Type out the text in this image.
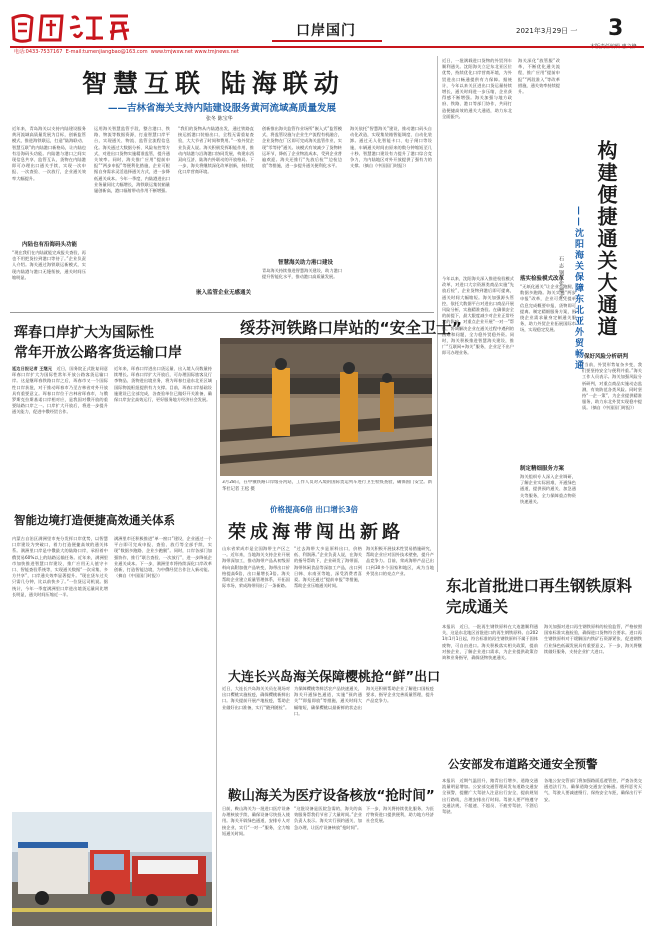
电话:0433-7537167 E-mail:tumenjiangbao@163.com www.tmjwxw.net www.tmjnews.net
口岸国门	2021年3月29日 一 3
智慧互联 陆海联动
——吉林省海关支持内陆建设服务黄河流域高质量发展
张冬 陈宝华
近年来，青岛海关以支持内陆建设服务黄河流域高质量发展为目标，创新监管模式，推进海铁联运，打造“陆海联动、智慧互联”的内陆港口新格局，让内陆也有沿海码头功能。内陆港与港口之间实现信息共享、监管互认，货物在内陆港即可办理出口通关手续，实现一次申报、一次查验、一次放行，企业通关效率大幅提升。
内陆也有沿海码头功能
“现在我们在内陆就能完成报关查验，再也不用把货拉到港口等待了。”企业负责人介绍。海关通过海铁联运新模式，实现内陆港与港口无缝衔接，通关时间压缩明显。
运用海关智慧监管手段，整合港口、铁路、物流等数据资源，打造智慧口岸平台，实现通关、物流、监管全流程信息化。海关通过大数据分析、风险布控等方式，对进出口货物实施精准监管，提升通关效率。同时，海关推广应用“提前申报”“两步申报”等便利化措施，企业可根据自身需求灵活选择通关方式，进一步降低通关成本。今年一季度，内陆港进出口业务量同比大幅增长，海铁联运集装箱量屡创新高，港口辐射带动作用不断增强。
“我们的货物从内陆港出发，通过铁路直接运抵港口装船出口，全程无需重复查验，大大节省了时间和费用。”一家外贸企业负责人说。海关积极发挥职能作用，推动内陆港与沿海港口协同发展，构建东西双向互济、陆海内外联动的开放格局。下一步，海关将继续深化改革创新，持续优化口岸营商环境。
嵌入监管企业无感通关
创新推出海关监管作业场所“嵌入式”监管模式，将监管设施与企业生产流程有机融合，企业货物在厂区即可完成海关监管作业，实现“零等待”通关。该模式有效减少了货物转运环节，降低了企业物流成本，受到企业普遍欢迎。海关还推行“先放后检”“边检边放”等措施，进一步提升通关便利化水平。
智慧海关助力港口建设
青岛海关持续推进智慧海关建设，助力港口提升智能化水平，推动港口高质量发展。
海关依托“智慧海关”建设，推动港口码头自动化改造，实现集装箱智能调度、自动化装卸。通过无人化智能卡口、电子闸口等设施，车辆通关时间由原来的数分钟缩短至几十秒。智慧港口建设有力提升了港口综合竞争力，为内陆地区对外开放提供了强有力的支撑。（摘自《中国国门时报》）
近日，一批满载进口货物的外贸列车顺利通关。沈阳海关立足东北亚区位优势，持续优化口岸营商环境，为外贸进出口畅通提供有力保障。据统计，今年以来关区进出口货运量持续增长，通关时间进一步压缩，企业获得感不断增强。海关加强与地方政府、铁路、港口等部门协作，共同打造便捷高效的通关大通道，助力东北全面振兴。
海关深化“放管服”改革，不断优化通关流程，推广应用“提前申报”“两段准入”等改革措施，通关效率持续提升。
构建便捷通关大通道
——沈阳海关保障东北亚外贸畅通
石志钢 张德平
落实检验模式改革
今年以来，沈阳海关深入推进检验模式改革，对进口大宗资源类商品实施“先放后检”，企业货物到港后即可提离，通关时间大幅缩短。海关加强源头管控，依托大数据平台对进出口商品开展风险分析，实施精准查验。在确保安全的前提下，最大限度减少对企业正常经营的影响。对重点企业开展“一对一”帮扶，协调解决企业在通关过程中遇到的困难和问题，全力稳外贸稳外资。同时，海关积极推进智慧海关建设，推广“互联网+海关”服务，企业足不出户即可办理业务。
“无纸化通关”让企业少跑腿，数据多跑路。海关实施“两步申报”改革，企业可先凭提单信息完成概要申报，货物即可提离。制定精细服务方案，围绕企业需求量身定制通关服务，助力外贸企业拓展国际市场，实现稳定发展。
制定精细服务方案
海关组织专人深入企业调研，了解企业实际困难，开通绿色通道，提供预约通关、加急通关等服务，全力保障重点物资快速通关。
保好风险分析研判
“当前，外贸形势复杂多变，我们要坚持安全与便利并重。”海关工作人员表示。海关加强风险分析研判，对重点商品实施动态监测，有效防范各类风险。同时坚持“一企一策”，为企业提供精准服务，助力东北外贸实现稳中提质。（摘自《中国国门时报》）
珲春口岸扩大为国际性
常年开放公路客货运输口岸
延边日报记者 王继元　近日，国务院正式批复同意珲春口岸扩大为国际性常年开放公路客货运输口岸。这是继珲春铁路口岸之后，珲春市又一个国际性口岸获批，对于推动珲春市乃至吉林省对外开放具有重要意义。珲春口岸位于吉林省珲春市，与俄罗斯克拉斯基诺口岸相对应，是我国对俄开放的重要陆路口岸之一。口岸扩大开放后，将进一步提升通关能力，促进中俄经贸合作。
近年来，珲春口岸进出口货运量、出入境人员数量持续增长。珲春口岸扩大开放后，可办理国际旅客及行李物品、货物进出境业务，将为珲春打造东北亚区域国际物流枢纽提供有力支撑。目前，珲春口岸基础设施建设已全部完成，各查验单位已做好开关准备，确保口岸安全高效运行，更好服务地方经济社会发展。
智能边境打造便捷高效通关体系
内蒙古自治区满洲里市充分发挥口岸优势，以智慧口岸建设为突破口，着力打造便捷高效的通关体系。满洲里口岸是中俄最大的陆路口岸，承担着中俄贸易60%以上的陆路运输任务。近年来，满洲里市加快推进智慧口岸建设，推广应用无人值守卡口、智能查验系统等，实现通关数据“一次采集、多方共享”，口岸通关效率显著提升。“现在货车过关只需几分钟，比以前快多了。”一位货运司机说。据统计，今年一季度满洲里口岸进出境货运量同比增长明显，通关时间压缩近一半。
满洲里市还积极推进“单一窗口”建设，企业通过一个平台即可完成申报、查验、放行等全部手续，实现“数据多跑路、企业少跑腿”。同时，口岸各部门加强协作，推行“联合查验、一次放行”，进一步降低企业通关成本。下一步，满洲里市将持续深化口岸改革创新，打造智能边境，为中俄经贸合作注入新动能。（摘自《中国国门时报》）
绥芬河铁路口岸站的“安全卫士”
3月28日，在中俄铁路口岸绥芬河站，工作人员对入境的国际货运列车进行卫生检疫查验，确保国门安全。新华社记者 王松 摄
价格提高6倍 出口增长3倍
荣成海带闯出新路
山东省荣成市是全国海带主产区之一。近年来，当地海关支持企业开展海带深加工，推动海带产品从初级原料向高附加值产品转变，海带出口价格提高6倍，出口量增长3倍。海关帮助企业建立质量管理体系，开拓国际市场，荣成海带闯出了一条新路。
“过去海带大多是原料出口，价格低、利润薄。”企业负责人说，在海关的指导帮助下，企业研发了海带面、海带休闲食品等深加工产品，出口到日韩、东南亚等地，深受消费者喜爱。海关还通过“提前申报”等措施，帮助企业压缩通关时间。
海关积极开展技术性贸易措施研究，帮助企业应对国外技术壁垒，提升产品竞争力。目前，荣成海带产品已出口到30多个国家和地区，成为当地外贸出口的亮点产业。
东北首批进口再生钢铁原料完成通关
本报讯　近日，一批再生钢铁原料在大连港顺利通关，这是东北地区首批进口的再生钢铁原料。自2021年1月1日起，符合标准的再生钢铁原料不属于固体废物，可自由进口。海关积极落实相关政策，提前对接企业，了解企业进口需求，为企业提供政策咨询和业务指导，确保货物快速通关。
海关加强对进口再生钢铁原料的检验监管，严格按照国家标准实施检验，确保进口货物符合要求。进口再生钢铁原料对于缓解国内铁矿石资源紧张、促进钢铁行业绿色低碳发展具有重要意义。下一步，海关将继续做好服务，支持企业扩大进口。
大连长兴岛海关保障樱桃抢“鲜”出口
近日，大连长兴岛海关关员在现场对出口樱桃实施检疫，确保樱桃新鲜出口。海关提前开展产地检疫，帮助企业做好出口准备，实行“随到随检”。
为保障樱桃等鲜活农产品快速通关，海关开通绿色通道，实施“预约通关”“即报即放”等措施，通关时间大幅缩短，确保樱桃以最新鲜的状态出口。
海关还积极帮助企业了解进口国检疫要求，指导企业完善质量管理，提升产品竞争力。
鞍山海关为医疗设备核放“抢时间”
日前，鞍山海关为一批进口医疗设备办理核放手续，确保设备尽快投入使用。海关开辟绿色通道，安排专人对接企业，实行“一对一”服务，全力缩短通关时间。
“这批设备是医院急需的，海关的高效服务帮我们节省了大量时间。”企业负责人表示。海关实行预约通关、加急办理，让医疗设备核放“抢时间”。
下一步，海关将持续优化服务，为医疗物资进口提供便利，助力地方经济社会发展。
公安部发布道路交通安全预警
本报讯　近期气温回升，踏青出行增多，道路交通流量明显增加。公安部交通管理局发布道路交通安全预警，提醒广大驾驶人注意出行安全，提前规划出行路线，合理安排出行时间。驾驶人要严格遵守交通法规，不超速、不超员、不疲劳驾驶、不酒后驾驶。
各地公安交管部门将加强路面巡逻管控，严查各类交通违法行为，确保道路交通安全畅通。遇到恶劣天气，驾驶人要减速慢行、保持安全车距，确保出行平安。
